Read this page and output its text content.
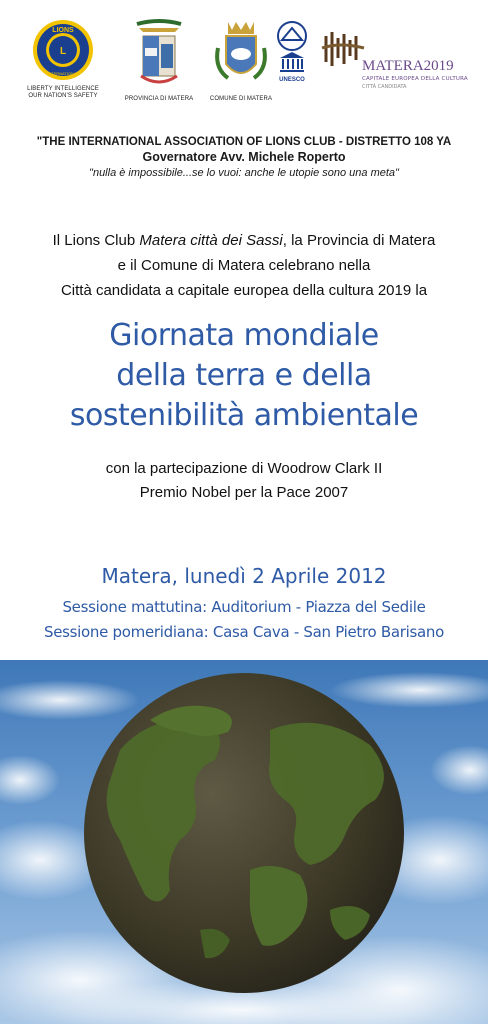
L
LIONS
INTERNATIONAL
LIBERTY INTELLIGENCE
OUR NATION'S SAFETY	PROVINCIA DI MATERA	COMUNE DI MATERA
UNESCO
MATERA2019
CAPITALE EUROPEA DELLA CULTURA
CITTÀ CANDIDATA
"THE INTERNATIONAL ASSOCIATION OF LIONS CLUB - DISTRETTO 108 YA
Governatore Avv. Michele Roperto
"nulla è impossibile...se lo vuoi: anche le utopie sono una meta"
Il Lions Club Matera città dei Sassi, la Provincia di Matera
e il Comune di Matera celebrano nella
Città candidata a capitale europea della cultura 2019 la
Giornata mondiale
della terra e della
sostenibilità ambientale
con la partecipazione di Woodrow Clark II
Premio Nobel per la Pace 2007
Matera, lunedì 2 Aprile 2012
Sessione mattutina: Auditorium - Piazza del Sedile
Sessione pomeridiana: Casa Cava - San Pietro Barisano
